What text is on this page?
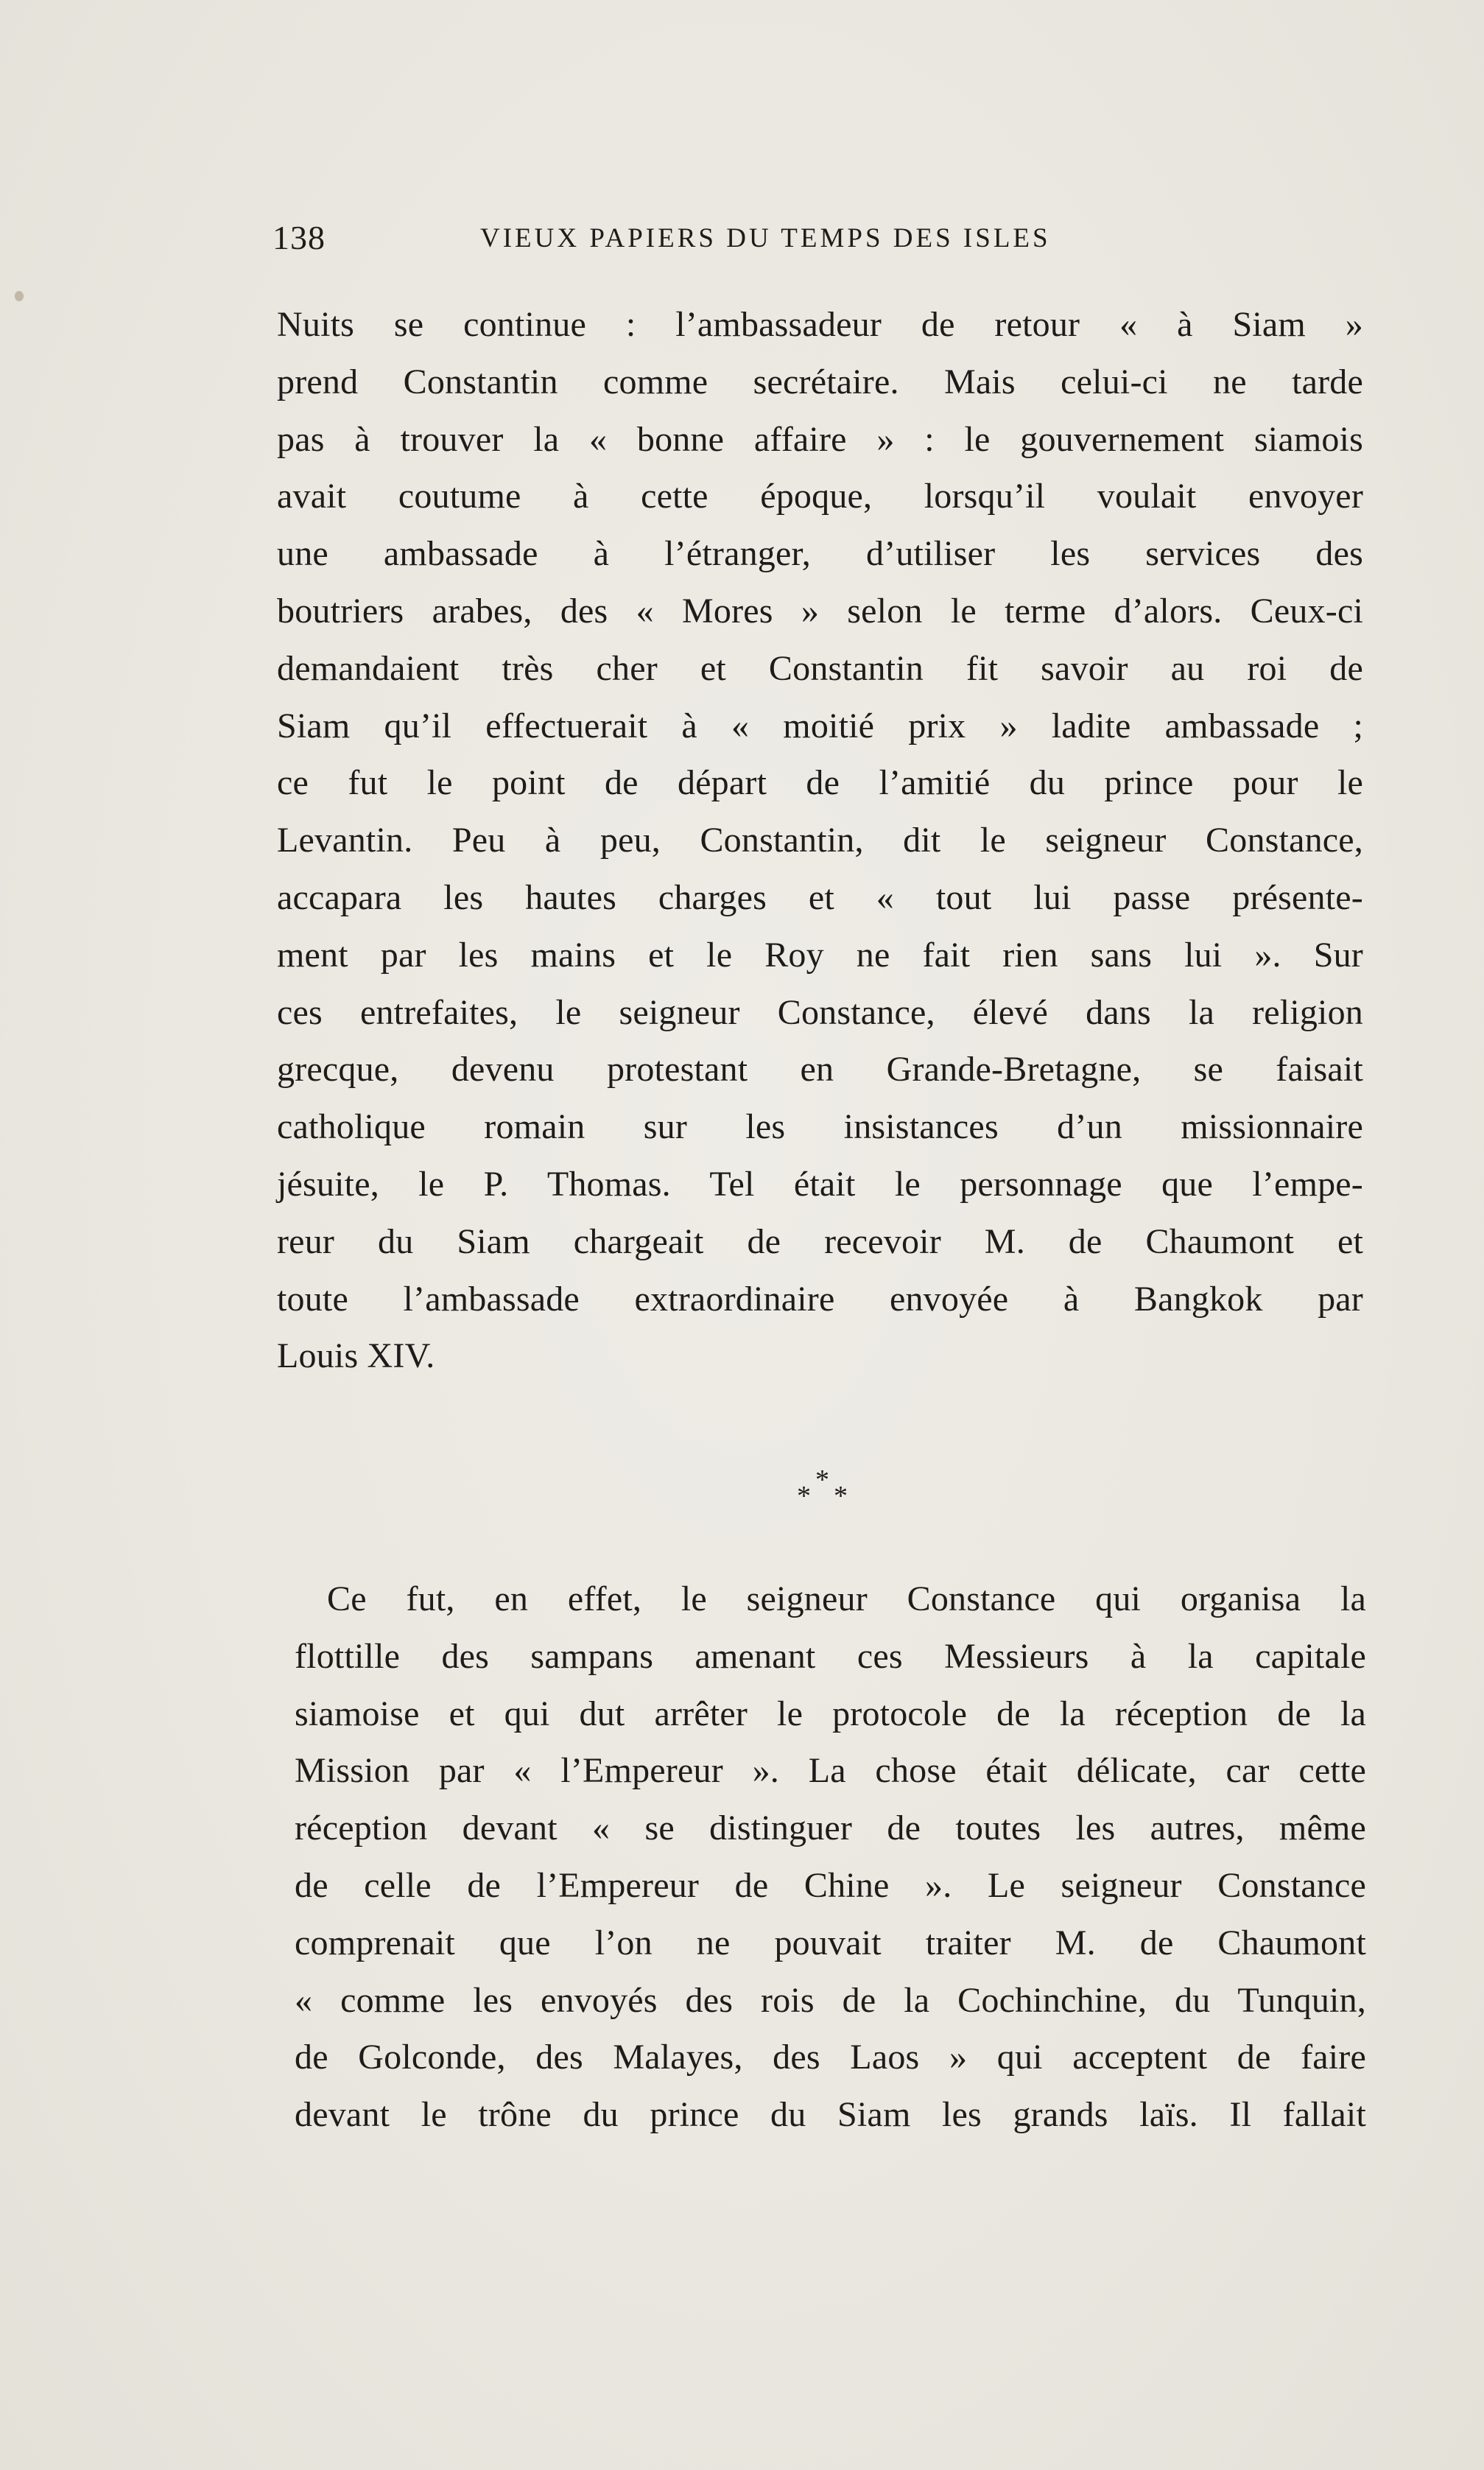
138	VIEUX PAPIERS DU TEMPS DES ISLES
Nuits se continue : l’ambassadeur de retour « à Siam »
prend Constantin comme secrétaire. Mais celui-ci ne tarde
pas à trouver la « bonne affaire » : le gouvernement siamois
avait coutume à cette époque, lorsqu’il voulait envoyer
une ambassade à l’étranger, d’utiliser les services des
boutriers arabes, des « Mores » selon le terme d’alors. Ceux-ci
demandaient très cher et Constantin fit savoir au roi de
Siam qu’il effectuerait à « moitié prix » ladite ambassade ;
ce fut le point de départ de l’amitié du prince pour le
Levantin. Peu à peu, Constantin, dit le seigneur Constance,
accapara les hautes charges et « tout lui passe présente-
ment par les mains et le Roy ne fait rien sans lui ». Sur
ces entrefaites, le seigneur Constance, élevé dans la religion
grecque, devenu protestant en Grande-Bretagne, se faisait
catholique romain sur les insistances d’un missionnaire
jésuite, le P. Thomas. Tel était le personnage que l’empe-
reur du Siam chargeait de recevoir M. de Chaumont et
toute l’ambassade extraordinaire envoyée à Bangkok par
Louis XIV.
*
* *
Ce fut, en effet, le seigneur Constance qui organisa la
flottille des sampans amenant ces Messieurs à la capitale
siamoise et qui dut arrêter le protocole de la réception de la
Mission par « l’Empereur ». La chose était délicate, car cette
réception devant « se distinguer de toutes les autres, même
de celle de l’Empereur de Chine ». Le seigneur Constance
comprenait que l’on ne pouvait traiter M. de Chaumont
« comme les envoyés des rois de la Cochinchine, du Tunquin,
de Golconde, des Malayes, des Laos » qui acceptent de faire
devant le trône du prince du Siam les grands laïs. Il fallait
